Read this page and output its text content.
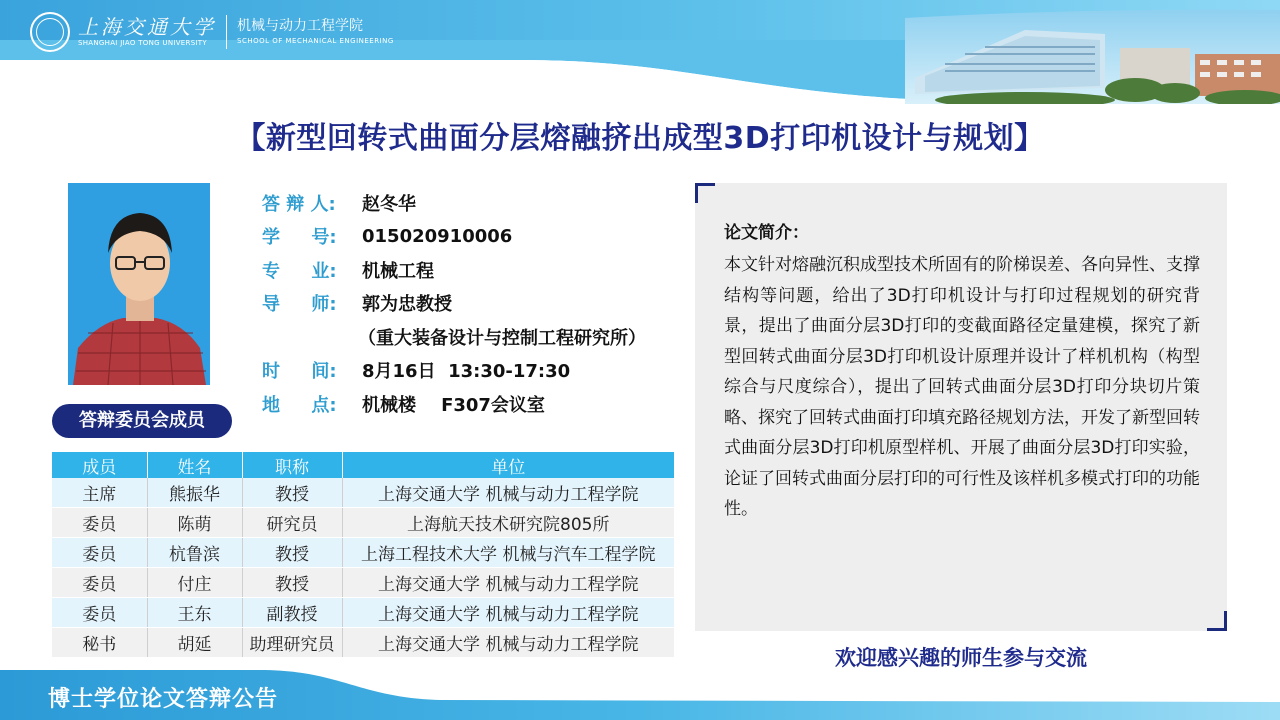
上海交通大学
SHANGHAI JIAO TONG UNIVERSITY
机械与动力工程学院
SCHOOL OF MECHANICAL ENGINEERING
【新型回转式曲面分层熔融挤出成型3D打印机设计与规划】
答 辩 人:	赵冬华
学     号:	015020910006
专     业:	机械工程
导     师:	郭为忠教授
（重大装备设计与控制工程研究所）
时     间:	8月16日  13:30-17:30
地     点:	机械楼    F307会议室
答辩委员会成员
成员	姓名	职称	单位
主席	熊振华	教授	上海交通大学 机械与动力工程学院
委员	陈萌	研究员	上海航天技术研究院805所
委员	杭鲁滨	教授	上海工程技术大学 机械与汽车工程学院
委员	付庄	教授	上海交通大学 机械与动力工程学院
委员	王东	副教授	上海交通大学 机械与动力工程学院
秘书	胡延	助理研究员	上海交通大学 机械与动力工程学院
论文简介：
本文针对熔融沉积成型技术所固有的阶梯误差、各向异性、支撑结构等问题，给出了3D打印机设计与打印过程规划的研究背景，提出了曲面分层3D打印的变截面路径定量建模，探究了新型回转式曲面分层3D打印机设计原理并设计了样机机构（构型综合与尺度综合），提出了回转式曲面分层3D打印分块切片策略、探究了回转式曲面打印填充路径规划方法，开发了新型回转式曲面分层3D打印机原型样机、开展了曲面分层3D打印实验，论证了回转式曲面分层打印的可行性及该样机多模式打印的功能性。
欢迎感兴趣的师生参与交流
博士学位论文答辩公告
